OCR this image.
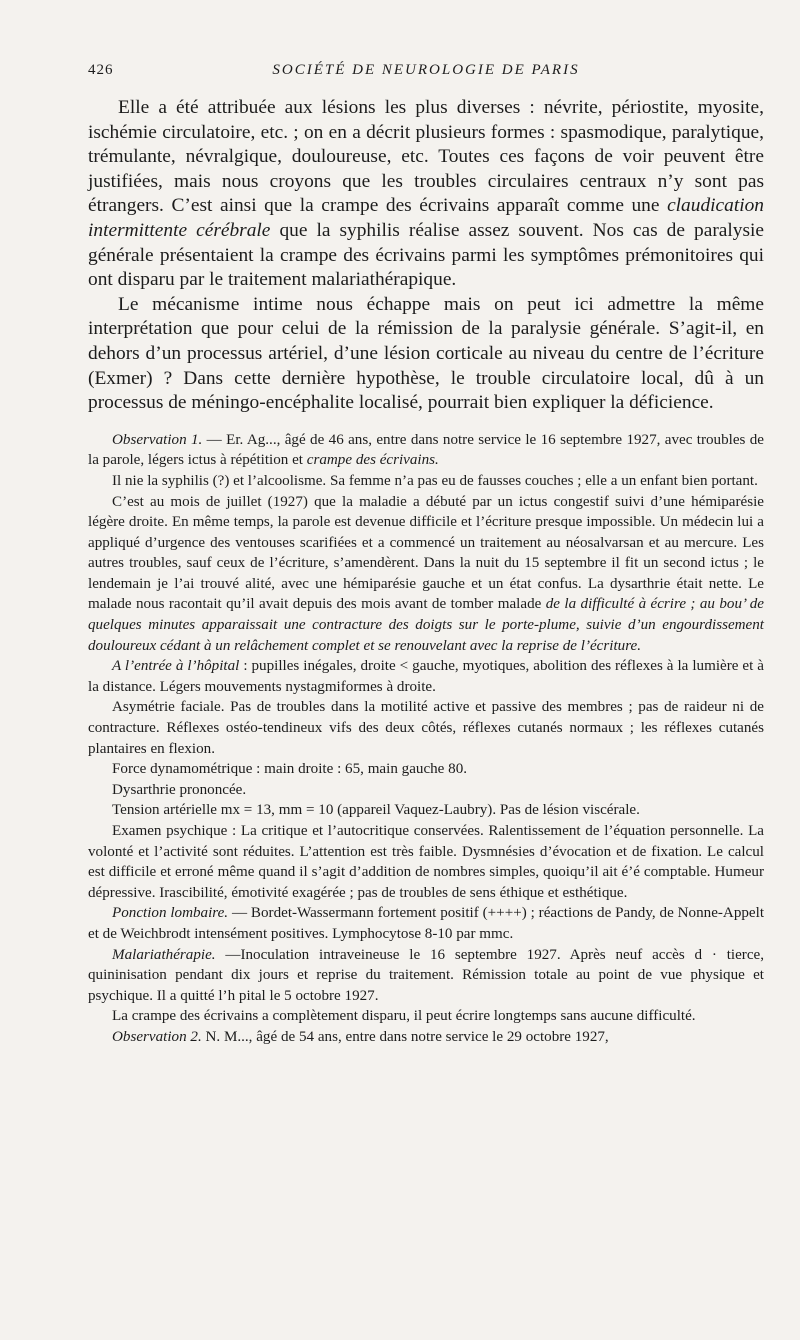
426	SOCIÉTÉ DE NEUROLOGIE DE PARIS

Elle a été attribuée aux lésions les plus diverses : névrite, périostite, myosite, ischémie circulatoire, etc. ; on en a décrit plusieurs formes : spasmodique, paralytique, trémulante, névralgique, douloureuse, etc. Toutes ces façons de voir peuvent être justifiées, mais nous croyons que les troubles circulaires centraux n’y sont pas étrangers. C’est ainsi que la crampe des écrivains apparaît comme une claudication intermittente cérébrale que la syphilis réalise assez souvent. Nos cas de paralysie générale présentaient la crampe des écrivains parmi les symptômes prémonitoires qui ont disparu par le traitement malariathérapique.

Le mécanisme intime nous échappe mais on peut ici admettre la même interprétation que pour celui de la rémission de la paralysie générale. S’agit-il, en dehors d’un processus artériel, d’une lésion corticale au niveau du centre de l’écriture (Exmer) ? Dans cette dernière hypothèse, le trouble circulatoire local, dû à un processus de méningo-encéphalite localisé, pourrait bien expliquer la déficience.

Observation 1. — Er. Ag..., âgé de 46 ans, entre dans notre service le 16 septembre 1927, avec troubles de la parole, légers ictus à répétition et crampe des écrivains.

Il nie la syphilis (?) et l’alcoolisme. Sa femme n’a pas eu de fausses couches ; elle a un enfant bien portant.

C’est au mois de juillet (1927) que la maladie a débuté par un ictus congestif suivi d’une hémiparésie légère droite. En même temps, la parole est devenue difficile et l’écriture presque impossible. Un médecin lui a appliqué d’urgence des ventouses scarifiées et a commencé un traitement au néosalvarsan et au mercure. Les autres troubles, sauf ceux de l’écriture, s’amendèrent. Dans la nuit du 15 septembre il fit un second ictus ; le lendemain je l’ai trouvé alité, avec une hémiparésie gauche et un état confus. La dysarthrie était nette. Le malade nous racontait qu’il avait depuis des mois avant de tomber malade de la difficulté à écrire ; au bou’ de quelques minutes apparaissait une contracture des doigts sur le porte-plume, suivie d’un engourdissement douloureux cédant à un relâchement complet et se renouvelant avec la reprise de l’écriture.

A l’entrée à l’hôpital : pupilles inégales, droite < gauche, myotiques, abolition des réflexes à la lumière et à la distance. Légers mouvements nystagmiformes à droite.

Asymétrie faciale. Pas de troubles dans la motilité active et passive des membres ; pas de raideur ni de contracture. Réflexes ostéo-tendineux vifs des deux côtés, réflexes cutanés normaux ; les réflexes cutanés plantaires en flexion.

Force dynamométrique : main droite : 65, main gauche 80.

Dysarthrie prononcée.

Tension artérielle mx = 13, mm = 10 (appareil Vaquez-Laubry). Pas de lésion viscérale.

Examen psychique : La critique et l’autocritique conservées. Ralentissement de l’équation personnelle. La volonté et l’activité sont réduites. L’attention est très faible. Dysmnésies d’évocation et de fixation. Le calcul est difficile et erroné même quand il s’agit d’addition de nombres simples, quoiqu’il ait é’é comptable. Humeur dépressive. Irascibilité, émotivité exagérée ; pas de troubles de sens éthique et esthétique.

Ponction lombaire. — Bordet-Wassermann fortement positif (++++) ; réactions de Pandy, de Nonne-Appelt et de Weichbrodt intensément positives. Lymphocytose 8-10 par mmc.

Malariathérapie. —Inoculation intraveineuse le 16 septembre 1927. Après neuf accès d · tierce, quininisation pendant dix jours et reprise du traitement. Rémission totale au point de vue physique et psychique. Il a quitté l’h pital le 5 octobre 1927.

La crampe des écrivains a complètement disparu, il peut écrire longtemps sans aucune difficulté.

Observation 2. N. M..., âgé de 54 ans, entre dans notre service le 29 octobre 1927,
